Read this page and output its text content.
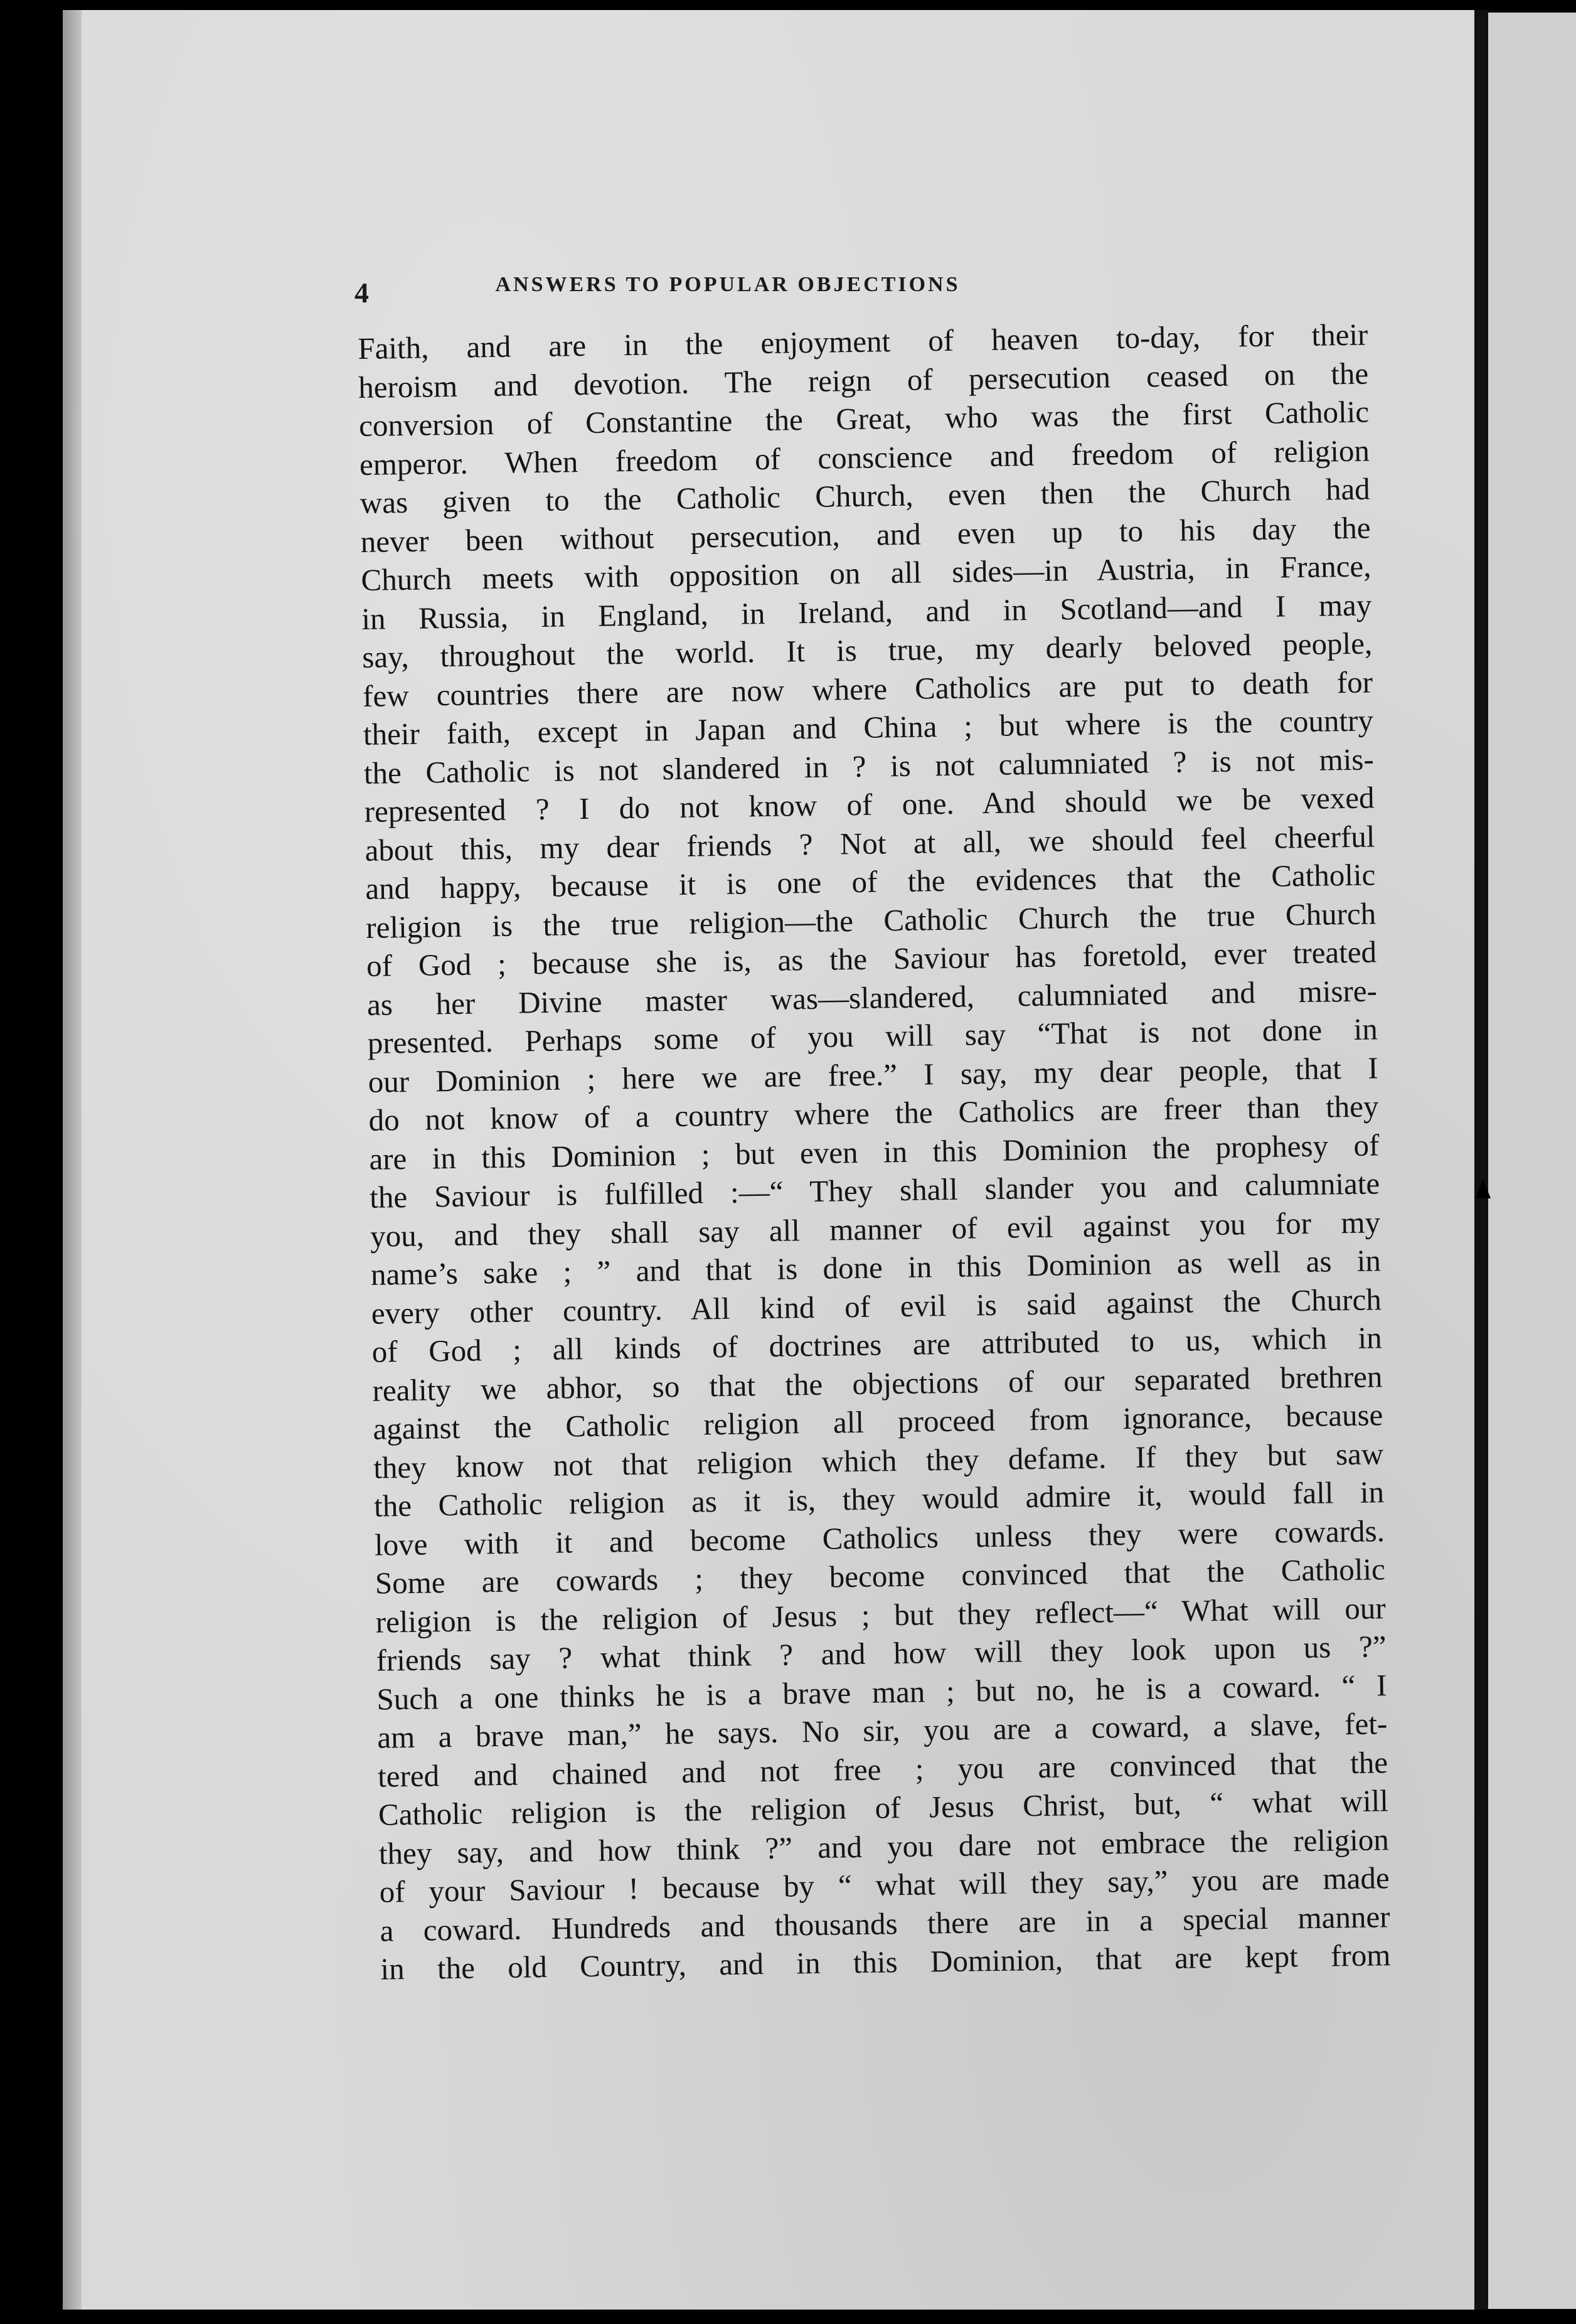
4	ANSWERS TO POPULAR OBJECTIONS
Faith, and are in the enjoyment of heaven to-day, for their
heroism and devotion. The reign of persecution ceased on the
conversion of Constantine the Great, who was the first Catholic
emperor. When freedom of conscience and freedom of religion
was given to the Catholic Church, even then the Church had
never been without persecution, and even up to his day the
Church meets with opposition on all sides—in Austria, in France,
in Russia, in England, in Ireland, and in Scotland—and I may
say, throughout the world. It is true, my dearly beloved people,
few countries there are now where Catholics are put to death for
their faith, except in Japan and China ; but where is the country
the Catholic is not slandered in ? is not calumniated ? is not mis-
represented ? I do not know of one. And should we be vexed
about this, my dear friends ? Not at all, we should feel cheerful
and happy, because it is one of the evidences that the Catholic
religion is the true religion—the Catholic Church the true Church
of God ; because she is, as the Saviour has foretold, ever treated
as her Divine master was—slandered, calumniated and misre-
presented. Perhaps some of you will say “That is not done in
our Dominion ; here we are free.” I say, my dear people, that I
do not know of a country where the Catholics are freer than they
are in this Dominion ; but even in this Dominion the prophesy of
the Saviour is fulfilled :—“ They shall slander you and calumniate
you, and they shall say all manner of evil against you for my
name’s sake ; ” and that is done in this Dominion as well as in
every other country. All kind of evil is said against the Church
of God ; all kinds of doctrines are attributed to us, which in
reality we abhor, so that the objections of our separated brethren
against the Catholic religion all proceed from ignorance, because
they know not that religion which they defame. If they but saw
the Catholic religion as it is, they would admire it, would fall in
love with it and become Catholics unless they were cowards.
Some are cowards ; they become convinced that the Catholic
religion is the religion of Jesus ; but they reflect—“ What will our
friends say ? what think ? and how will they look upon us ?”
Such a one thinks he is a brave man ; but no, he is a coward. “ I
am a brave man,” he says. No sir, you are a coward, a slave, fet-
tered and chained and not free ; you are convinced that the
Catholic religion is the religion of Jesus Christ, but, “ what will
they say, and how think ?” and you dare not embrace the religion
of your Saviour ! because by “ what will they say,” you are made
a coward. Hundreds and thousands there are in a special manner
in the old Country, and in this Dominion, that are kept from
